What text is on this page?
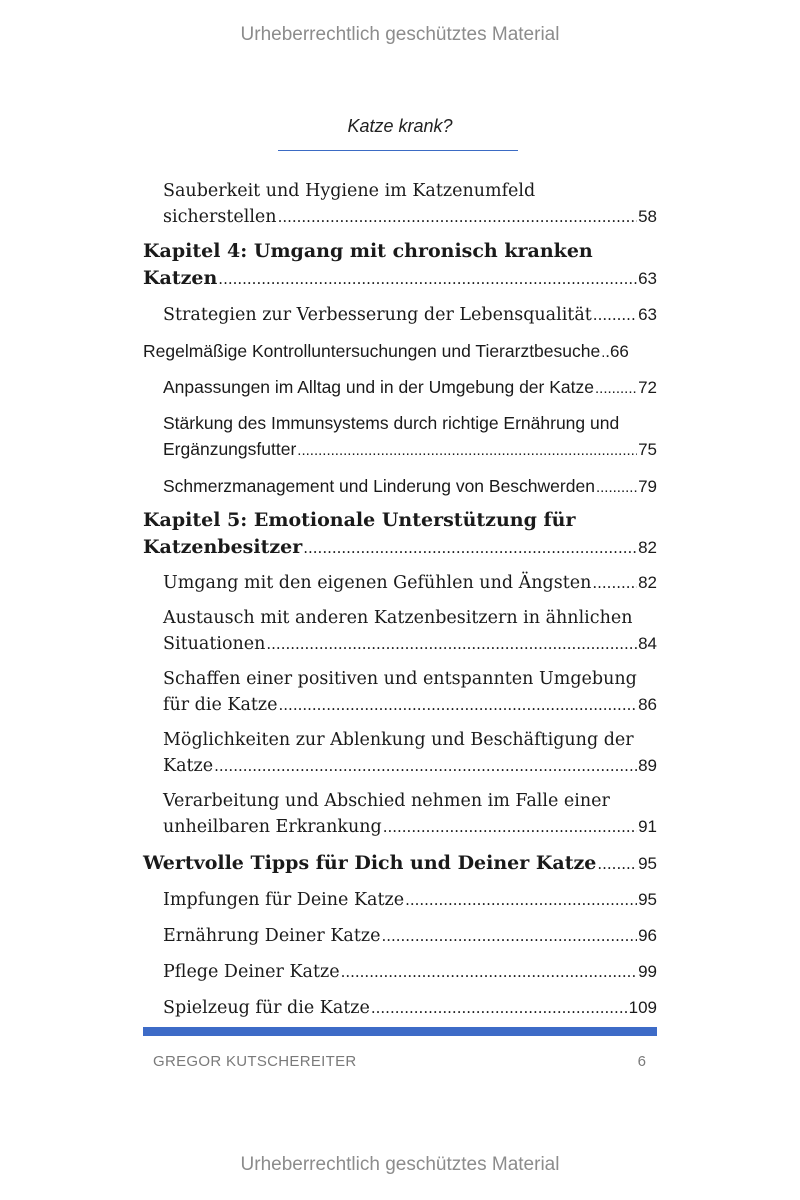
Urheberrechtlich geschütztes Material
Katze krank?
Sauberkeit und Hygiene im Katzenumfeld
sicherstellen .....	58
Kapitel 4: Umgang mit chronisch kranken
Katzen .....	63
Strategien zur Verbesserung der Lebensqualität .....	63
Regelmäßige Kontrolluntersuchungen und Tierarztbesuche ..... .66
Anpassungen im Alltag und in der Umgebung der Katze .....	72
Stärkung des Immunsystems durch richtige Ernährung und
Ergänzungsfutter .....	75
Schmerzmanagement und Linderung von Beschwerden .....	79
Kapitel 5: Emotionale Unterstützung für
Katzenbesitzer .....	82
Umgang mit den eigenen Gefühlen und Ängsten .....	82
Austausch mit anderen Katzenbesitzern in ähnlichen
Situationen .....	84
Schaffen einer positiven und entspannten Umgebung
für die Katze .....	86
Möglichkeiten zur Ablenkung und Beschäftigung der
Katze .....	89
Verarbeitung und Abschied nehmen im Falle einer
unheilbaren Erkrankung .....	91
Wertvolle Tipps für Dich und Deiner Katze ..... 95
Impfungen für Deine Katze .....	95
Ernährung Deiner Katze .....	96
Pflege Deiner Katze .....	99
Spielzeug für die Katze .....	109
GREGOR KUTSCHEREITER	6
Urheberrechtlich geschütztes Material
